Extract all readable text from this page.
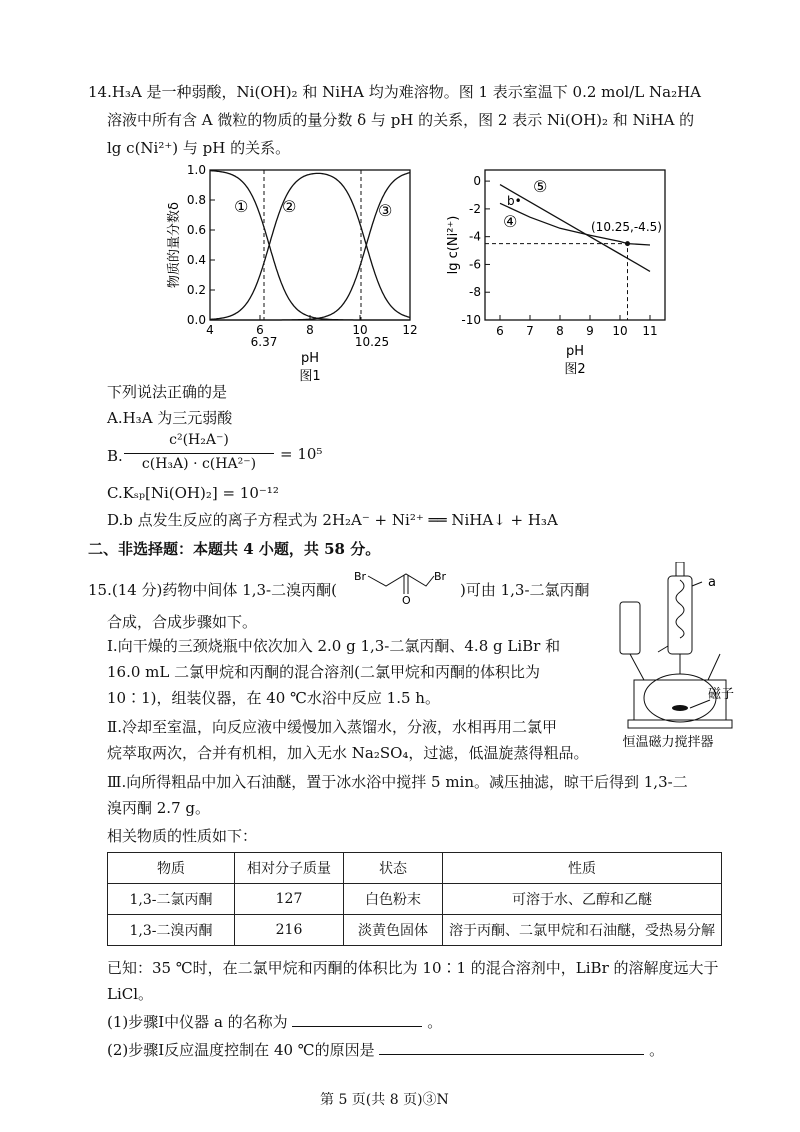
14.H₃A 是一种弱酸，Ni(OH)₂ 和 NiHA 均为难溶物。图 1 表示室温下 0.2 mol/L Na₂HA
溶液中所有含 A 微粒的物质的量分数 δ 与 pH 的关系，图 2 表示 Ni(OH)₂ 和 NiHA 的
lg c(Ni²⁺) 与 pH 的关系。
0.0
0.2
0.4
0.6
0.8
1.0
4	6	8	10	12
① ②	③
6.37	10.25
pH
图1
物质的量分数δ
0
-2
-4
-6
-8
-10
6 7 8 9 10 11
⑤
④
b•
(10.25,-4.5)
pH
图2
lg c(Ni²⁺)
下列说法正确的是
A.H₃A 为三元弱酸
B.
c²(H₂A⁻)
c(H₃A) · c(HA²⁻)
= 10⁵
C.Kₛₚ[Ni(OH)₂] = 10⁻¹²
D.b 点发生反应的离子方程式为 2H₂A⁻ + Ni²⁺ ══ NiHA↓ + H₃A
二、非选择题：本题共 4 小题，共 58 分。
15.(14 分)药物中间体 1,3-二溴丙酮(
Br	Br
O
)可由 1,3-二氯丙酮
合成，合成步骤如下。
Ⅰ.向干燥的三颈烧瓶中依次加入 2.0 g 1,3-二氯丙酮、4.8 g LiBr 和
16.0 mL 二氯甲烷和丙酮的混合溶剂(二氯甲烷和丙酮的体积比为
10∶1)，组装仪器，在 40 ℃水浴中反应 1.5 h。
Ⅱ.冷却至室温，向反应液中缓慢加入蒸馏水，分液，水相再用二氯甲
烷萃取两次，合并有机相，加入无水 Na₂SO₄，过滤，低温旋蒸得粗品。
Ⅲ.向所得粗品中加入石油醚，置于冰水浴中搅拌 5 min。减压抽滤，晾干后得到 1,3-二
溴丙酮 2.7 g。
相关物质的性质如下：
a
磁子
恒温磁力搅拌器
物质	相对分子质量	状态	性质
1,3-二氯丙酮	127	白色粉末	可溶于水、乙醇和乙醚
1,3-二溴丙酮	216	淡黄色固体	溶于丙酮、二氯甲烷和石油醚，受热易分解
已知：35 ℃时，在二氯甲烷和丙酮的体积比为 10∶1 的混合溶剂中，LiBr 的溶解度远大于
LiCl。
(1)步骤Ⅰ中仪器 a 的名称为	。
(2)步骤Ⅰ反应温度控制在 40 ℃的原因是	。
第 5 页(共 8 页)③N
